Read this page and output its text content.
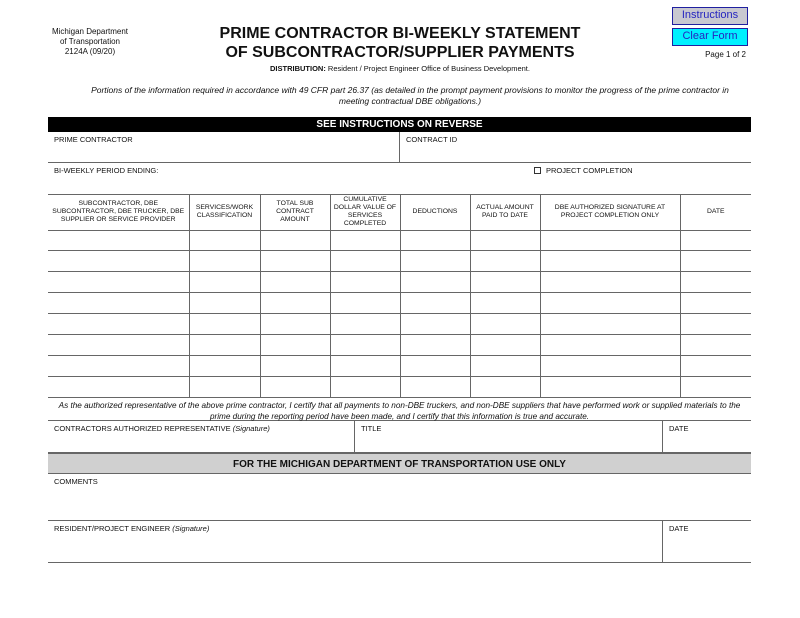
Michigan Department
of Transportation
2124A (09/20)
PRIME CONTRACTOR BI-WEEKLY STATEMENT
OF SUBCONTRACTOR/SUPPLIER PAYMENTS
DISTRIBUTION: Resident / Project Engineer Office of Business Development.
Instructions
Clear Form
Page 1 of 2
Portions of the information required in accordance with 49 CFR part 26.37 (as detailed in the prompt payment provisions to monitor the progress of the prime contractor in meeting contractual DBE obligations.)
SEE INSTRUCTIONS ON REVERSE
PRIME CONTRACTOR	CONTRACT ID
BI-WEEKLY PERIOD ENDING:	PROJECT COMPLETION
SUBCONTRACTOR, DBE SUBCONTRACTOR, DBE TRUCKER, DBE SUPPLIER OR SERVICE PROVIDER	SERVICES/WORK CLASSIFICATION	TOTAL SUB CONTRACT AMOUNT	CUMULATIVE DOLLAR VALUE OF SERVICES COMPLETED	DEDUCTIONS	ACTUAL AMOUNT PAID TO DATE	DBE AUTHORIZED SIGNATURE AT PROJECT COMPLETION ONLY	DATE

As the authorized representative of the above prime contractor, I certify that all payments to non-DBE truckers, and non-DBE suppliers that have performed work or supplied materials to the prime during the reporting period have been made, and I certify that this information is true and accurate.
CONTRACTORS AUTHORIZED REPRESENTATIVE (Signature)	TITLE	DATE
FOR THE MICHIGAN DEPARTMENT OF TRANSPORTATION USE ONLY
COMMENTS
RESIDENT/PROJECT ENGINEER (Signature)	DATE
